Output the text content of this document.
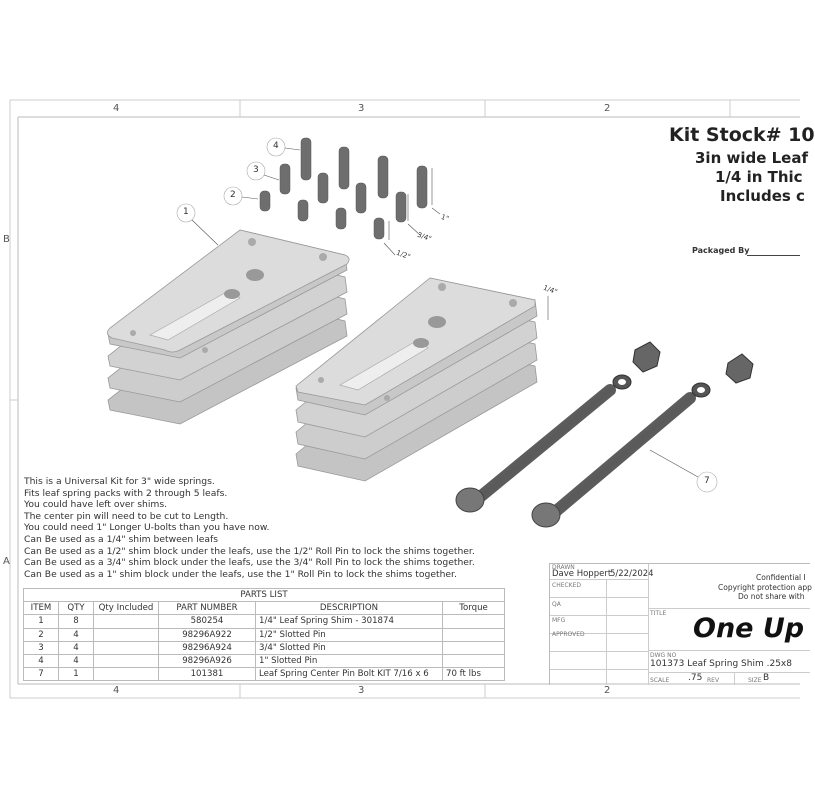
4	3	2
4	3	2
B
A
Kit Stock# 10
3in wide Leaf
1/4 in Thic
Includes c
Packaged By
1
2
3
4
7
1/4"
1/2"
3/4"
1"
This is a Universal Kit for 3" wide springs.
Fits leaf spring packs with 2 through 5 leafs.
You could have left over shims.
The center pin will need to be cut to Length.
You could need 1" Longer U-bolts than you have now.
Can Be used as a 1/4" shim between leafs
Can Be used as a 1/2" shim block under the leafs, use the 1/2" Roll Pin to lock the shims together.
Can Be used as a 3/4" shim block under the leafs, use the 3/4" Roll Pin to lock the shims together.
Can Be used as a 1" shim block under the leafs, use the 1" Roll Pin to lock the shims together.
PARTS LIST					
ITEM	QTY	Qty Included	PART NUMBER	DESCRIPTION	Torque
1	8		580254	1/4" Leaf Spring Shim - 301874	
2	4		98296A922	1/2" Slotted Pin	
3	4		98296A924	3/4" Slotted Pin	
4	4		98296A926	1" Slotted Pin	
7	1		101381	Leaf Spring Center Pin Bolt KIT 7/16 x 6	70 ft lbs
DRAWN
Dave Hoppert
5/22/2024
CHECKED
QA
MFG
APPROVED
Confidential I
Copyright protection app
Do not share with
TITLE One Up
DWG NO
101373 Leaf Spring Shim .25x8
SCALE .75 REV	SIZE B
